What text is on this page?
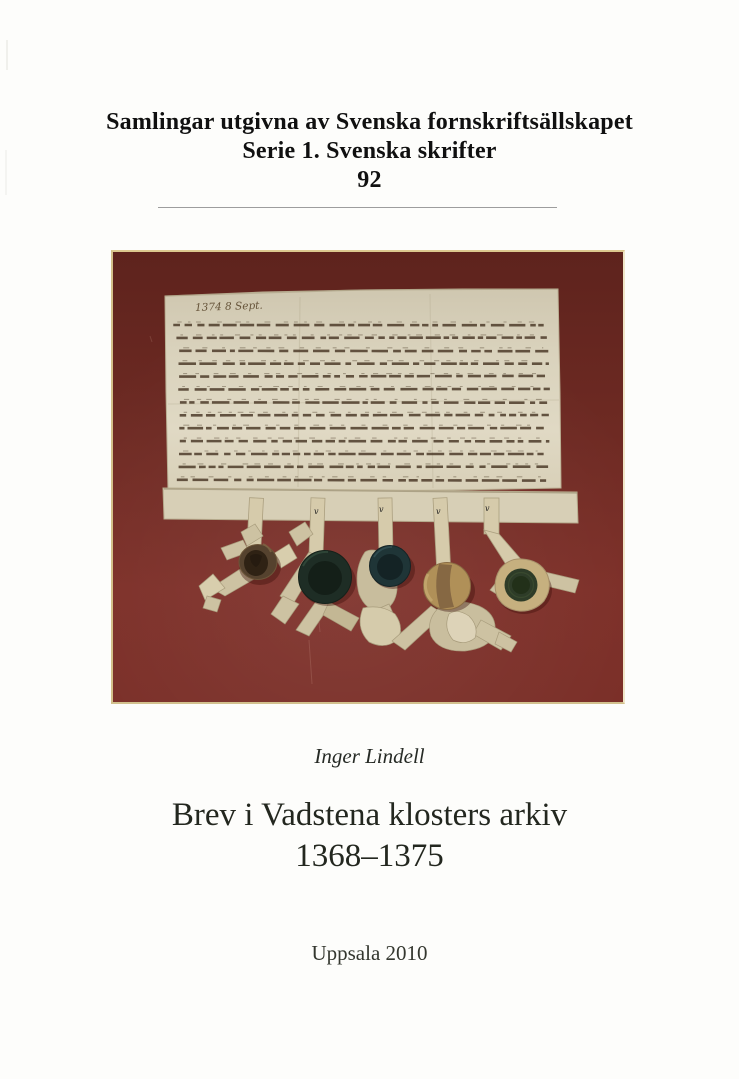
Samlingar utgivna av Svenska fornskriftsällskapet
Serie 1. Svenska skrifter
92
1374 8 Sept.
v	v	v	v
Inger Lindell
Brev i Vadstena klosters arkiv
1368–1375
Uppsala 2010
